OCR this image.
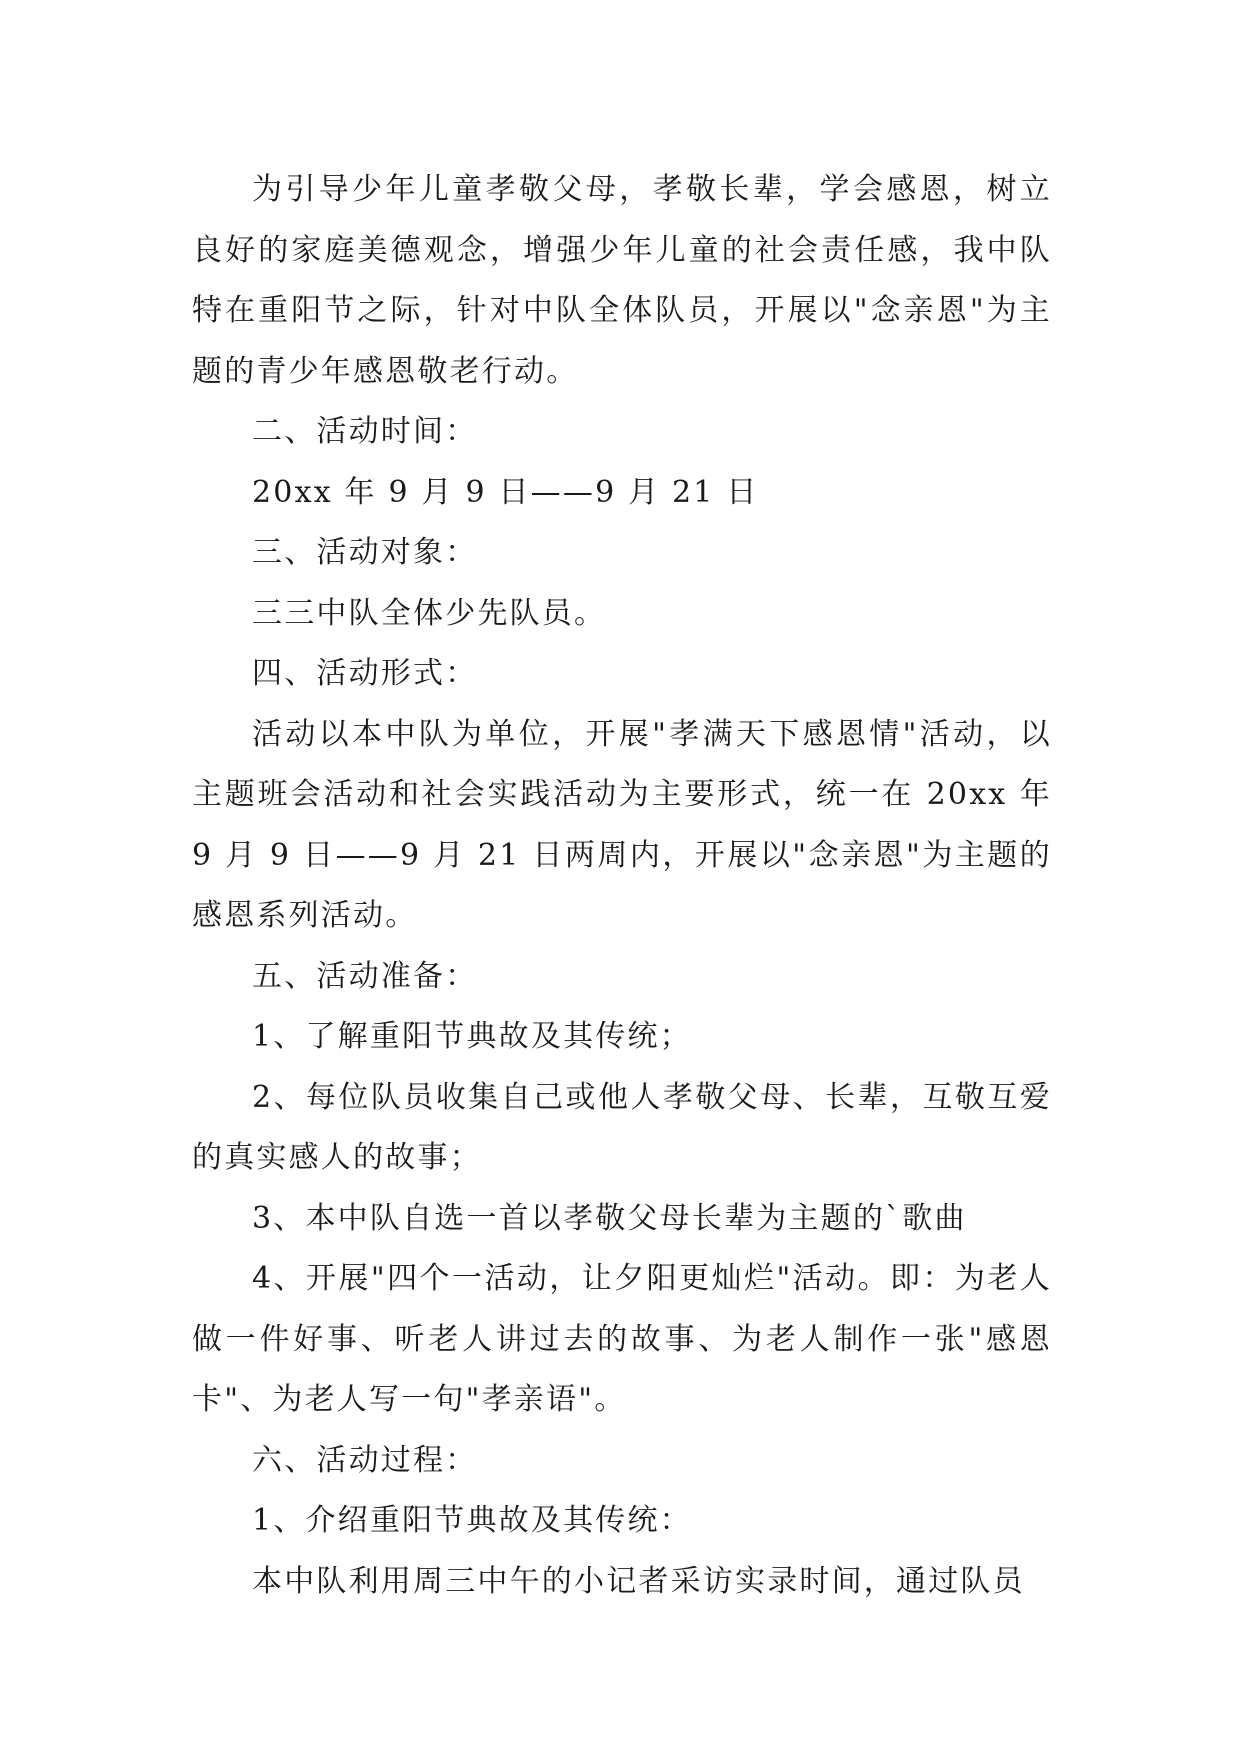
为引导少年儿童孝敬父母，孝敬长辈，学会感恩，树立良好的家庭美德观念，增强少年儿童的社会责任感，我中队特在重阳节之际，针对中队全体队员，开展以"念亲恩"为主题的青少年感恩敬老行动。

二、活动时间：

20xx 年 9 月 9 日——9 月 21 日

三、活动对象：

三三中队全体少先队员。

四、活动形式：

活动以本中队为单位，开展"孝满天下感恩情"活动，以主题班会活动和社会实践活动为主要形式，统一在 20xx 年 9 月 9 日——9 月 21 日两周内，开展以"念亲恩"为主题的感恩系列活动。

五、活动准备：

1、了解重阳节典故及其传统；

2、每位队员收集自己或他人孝敬父母、长辈，互敬互爱的真实感人的故事；

3、本中队自选一首以孝敬父母长辈为主题的`歌曲

4、开展"四个一活动，让夕阳更灿烂"活动。即：为老人做一件好事、听老人讲过去的故事、为老人制作一张"感恩卡"、为老人写一句"孝亲语"。

六、活动过程：

1、介绍重阳节典故及其传统：

本中队利用周三中午的小记者采访实录时间，通过队员
